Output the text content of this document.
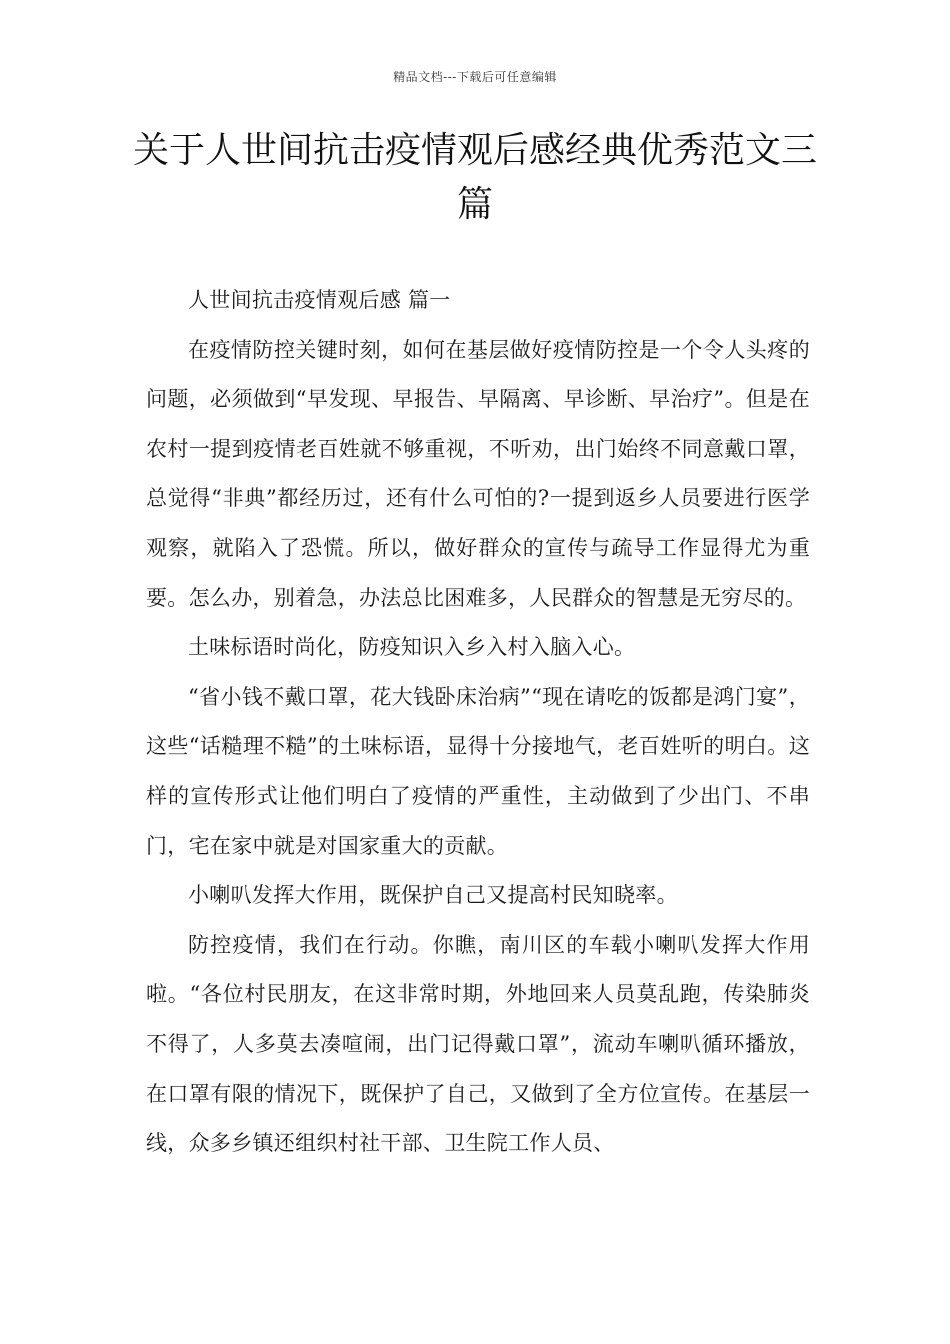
精品文档---下载后可任意编辑
关于人世间抗击疫情观后感经典优秀范文三篇

人世间抗击疫情观后感 篇一

在疫情防控关键时刻，如何在基层做好疫情防控是一个令人头疼的问题，必须做到“早发现、早报告、早隔离、早诊断、早治疗”。但是在农村一提到疫情老百姓就不够重视，不听劝，出门始终不同意戴口罩，总觉得“非典”都经历过，还有什么可怕的?一提到返乡人员要进行医学观察，就陷入了恐慌。所以，做好群众的宣传与疏导工作显得尤为重要。怎么办，别着急，办法总比困难多，人民群众的智慧是无穷尽的。

土味标语时尚化，防疫知识入乡入村入脑入心。

“省小钱不戴口罩，花大钱卧床治病”“现在请吃的饭都是鸿门宴”，这些“话糙理不糙”的土味标语，显得十分接地气，老百姓听的明白。这样的宣传形式让他们明白了疫情的严重性，主动做到了少出门、不串门，宅在家中就是对国家重大的贡献。

小喇叭发挥大作用，既保护自己又提高村民知晓率。

防控疫情，我们在行动。你瞧，南川区的车载小喇叭发挥大作用啦。“各位村民朋友，在这非常时期，外地回来人员莫乱跑，传染肺炎不得了，人多莫去凑喧闹，出门记得戴口罩”，流动车喇叭循环播放，在口罩有限的情况下，既保护了自己，又做到了全方位宣传。在基层一线，众多乡镇还组织村社干部、卫生院工作人员、
